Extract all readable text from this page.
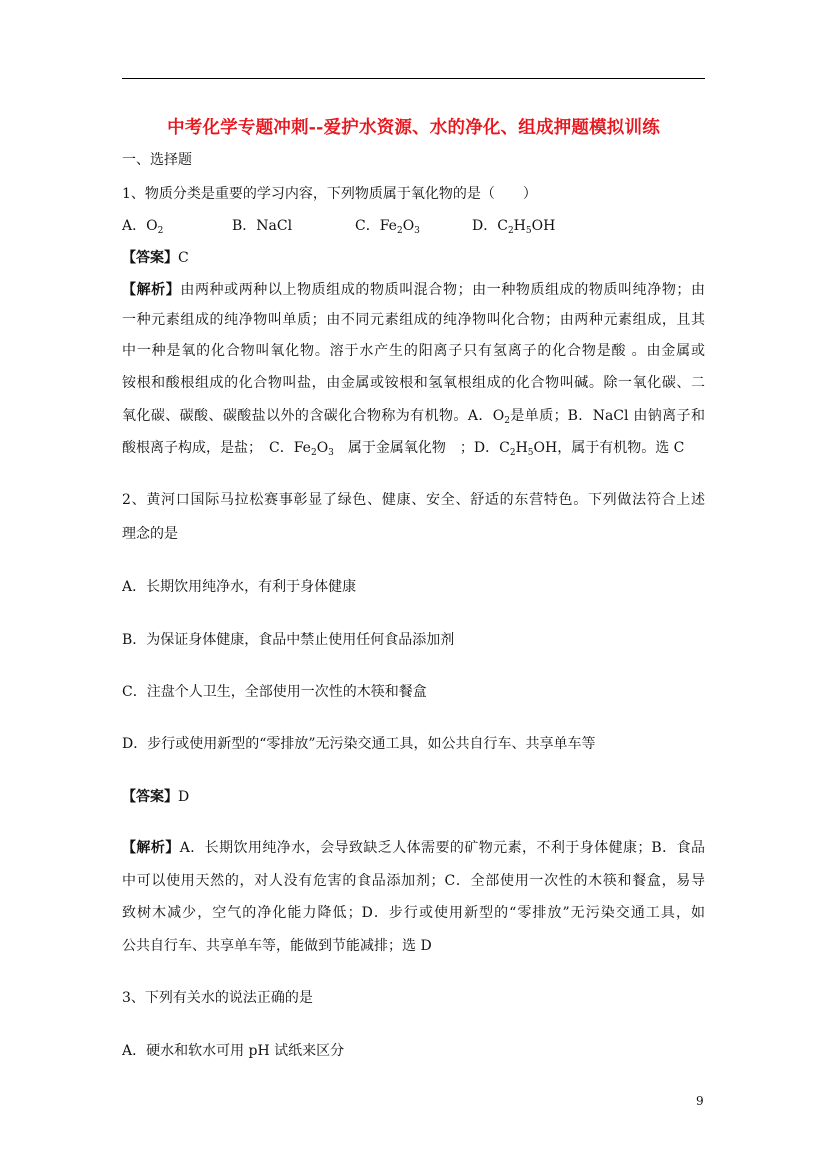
中考化学专题冲刺--爱护水资源、水的净化、组成押题模拟训练
一、选择题
1、物质分类是重要的学习内容，下列物质属于氧化物的是（　　）
A．$O_2$	B．NaCl	C．$Fe_2O_3$	D．$C_2H_5OH$
【答案】C
【解析】由两种或两种以上物质组成的物质叫混合物；由一种物质组成的物质叫纯净物；由
一种元素组成的纯净物叫单质；由不同元素组成的纯净物叫化合物；由两种元素组成，且其
中一种是氧的化合物叫氧化物。溶于水产生的阳离子只有氢离子的化合物是酸 。由金属或
铵根和酸根组成的化合物叫盐，由金属或铵根和氢氧根组成的化合物叫碱。除一氧化碳、二
氧化碳、碳酸、碳酸盐以外的含碳化合物称为有机物。A．$O_2$是单质；B．NaCl 由钠离子和
酸根离子构成，是盐；　C．$Fe_2O_3$　属于金属氧化物　；D．$C_2H_5OH$，属于有机物。选 C
2、黄河口国际马拉松赛事彰显了绿色、健康、安全、舒适的东营特色。下列做法符合上述
理念的是
A．长期饮用纯净水，有利于身体健康
B．为保证身体健康，食品中禁止使用任何食品添加剂
C．注盘个人卫生，全部使用一次性的木筷和餐盒
D．步行或使用新型的“零排放”无污染交通工具，如公共自行车、共享单车等
【答案】D
【解析】A．长期饮用纯净水，会导致缺乏人体需要的矿物元素，不利于身体健康；B．食品
中可以使用天然的，对人没有危害的食品添加剂；C．全部使用一次性的木筷和餐盒，易导
致树木减少，空气的净化能力降低；D．步行或使用新型的“零排放”无污染交通工具，如
公共自行车、共享单车等，能做到节能减排；选 D
3、下列有关水的说法正确的是
A．硬水和软水可用 pH 试纸来区分
9
